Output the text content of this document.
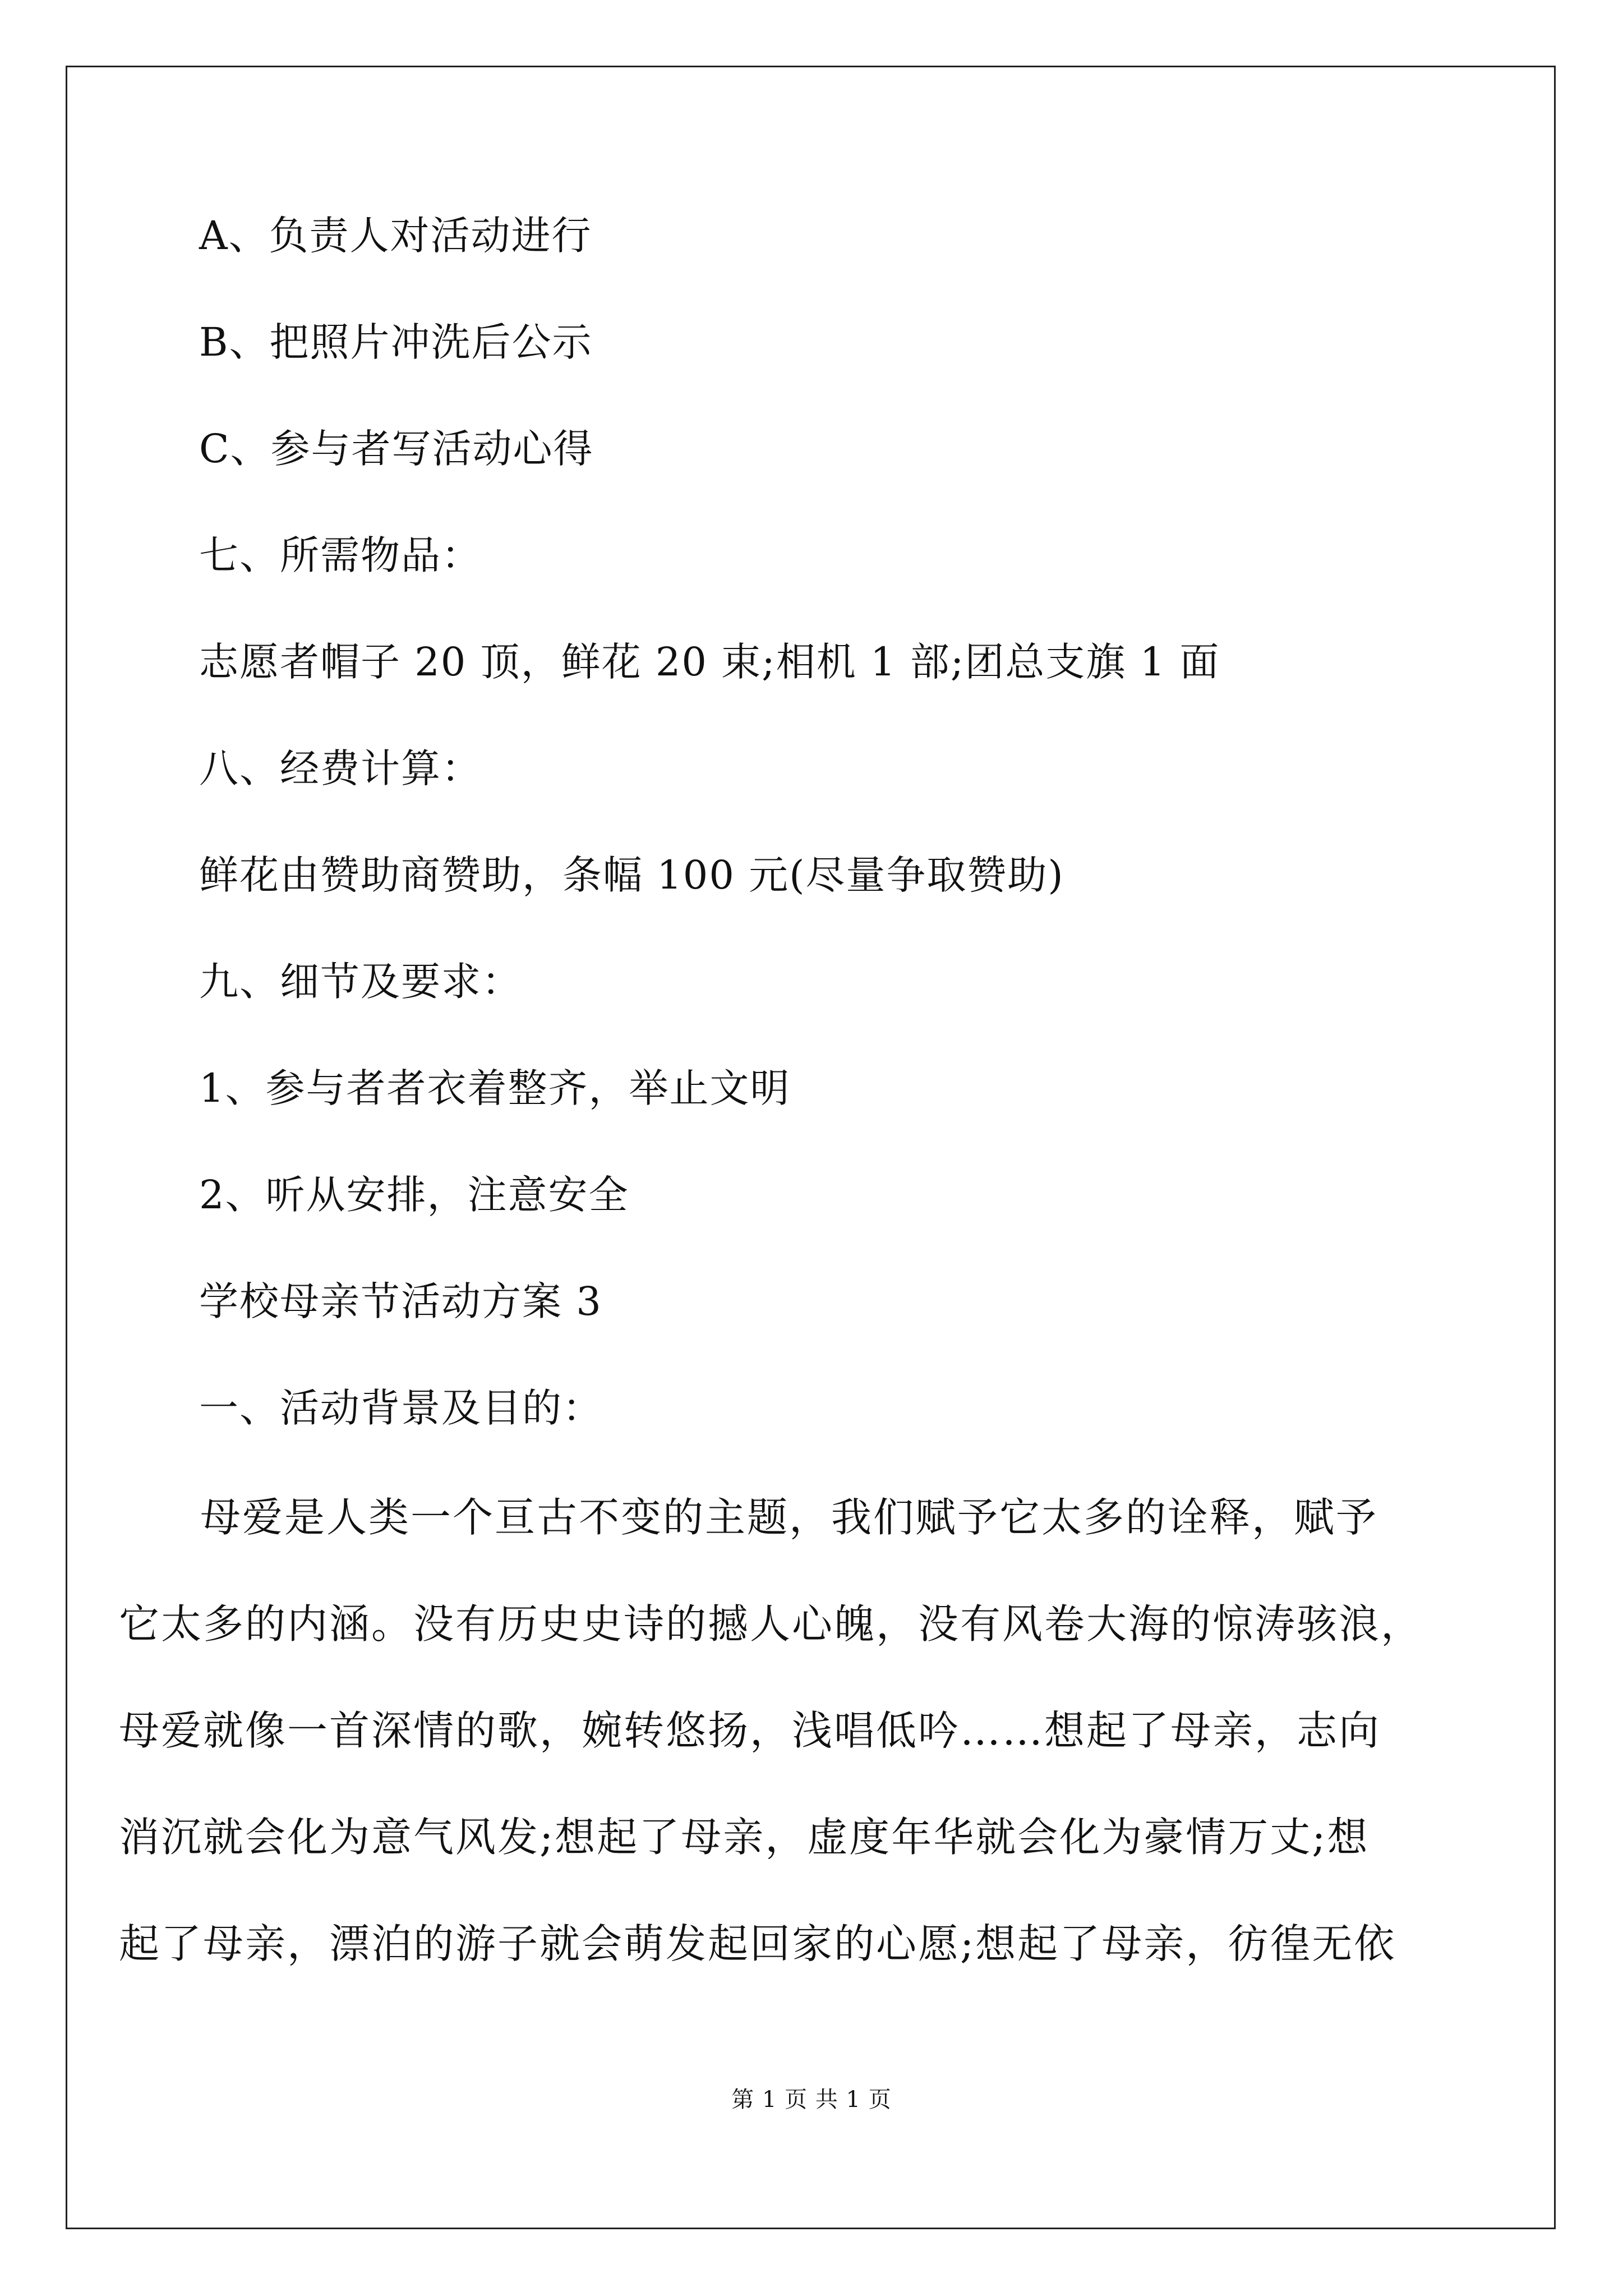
A、负责人对活动进行
B、把照片冲洗后公示
C、参与者写活动心得
七、所需物品：
志愿者帽子 20 顶，鲜花 20 束;相机 1 部;团总支旗 1 面
八、经费计算：
鲜花由赞助商赞助，条幅 100 元(尽量争取赞助)
九、细节及要求：
1、参与者者衣着整齐，举止文明
2、听从安排，注意安全
学校母亲节活动方案 3
一、活动背景及目的：
母爱是人类一个亘古不变的主题，我们赋予它太多的诠释，赋予
它太多的内涵。没有历史史诗的撼人心魄，没有风卷大海的惊涛骇浪，
母爱就像一首深情的歌，婉转悠扬，浅唱低吟……想起了母亲，志向
消沉就会化为意气风发;想起了母亲，虚度年华就会化为豪情万丈;想
起了母亲，漂泊的游子就会萌发起回家的心愿;想起了母亲，彷徨无依
第 1 页 共 1 页
